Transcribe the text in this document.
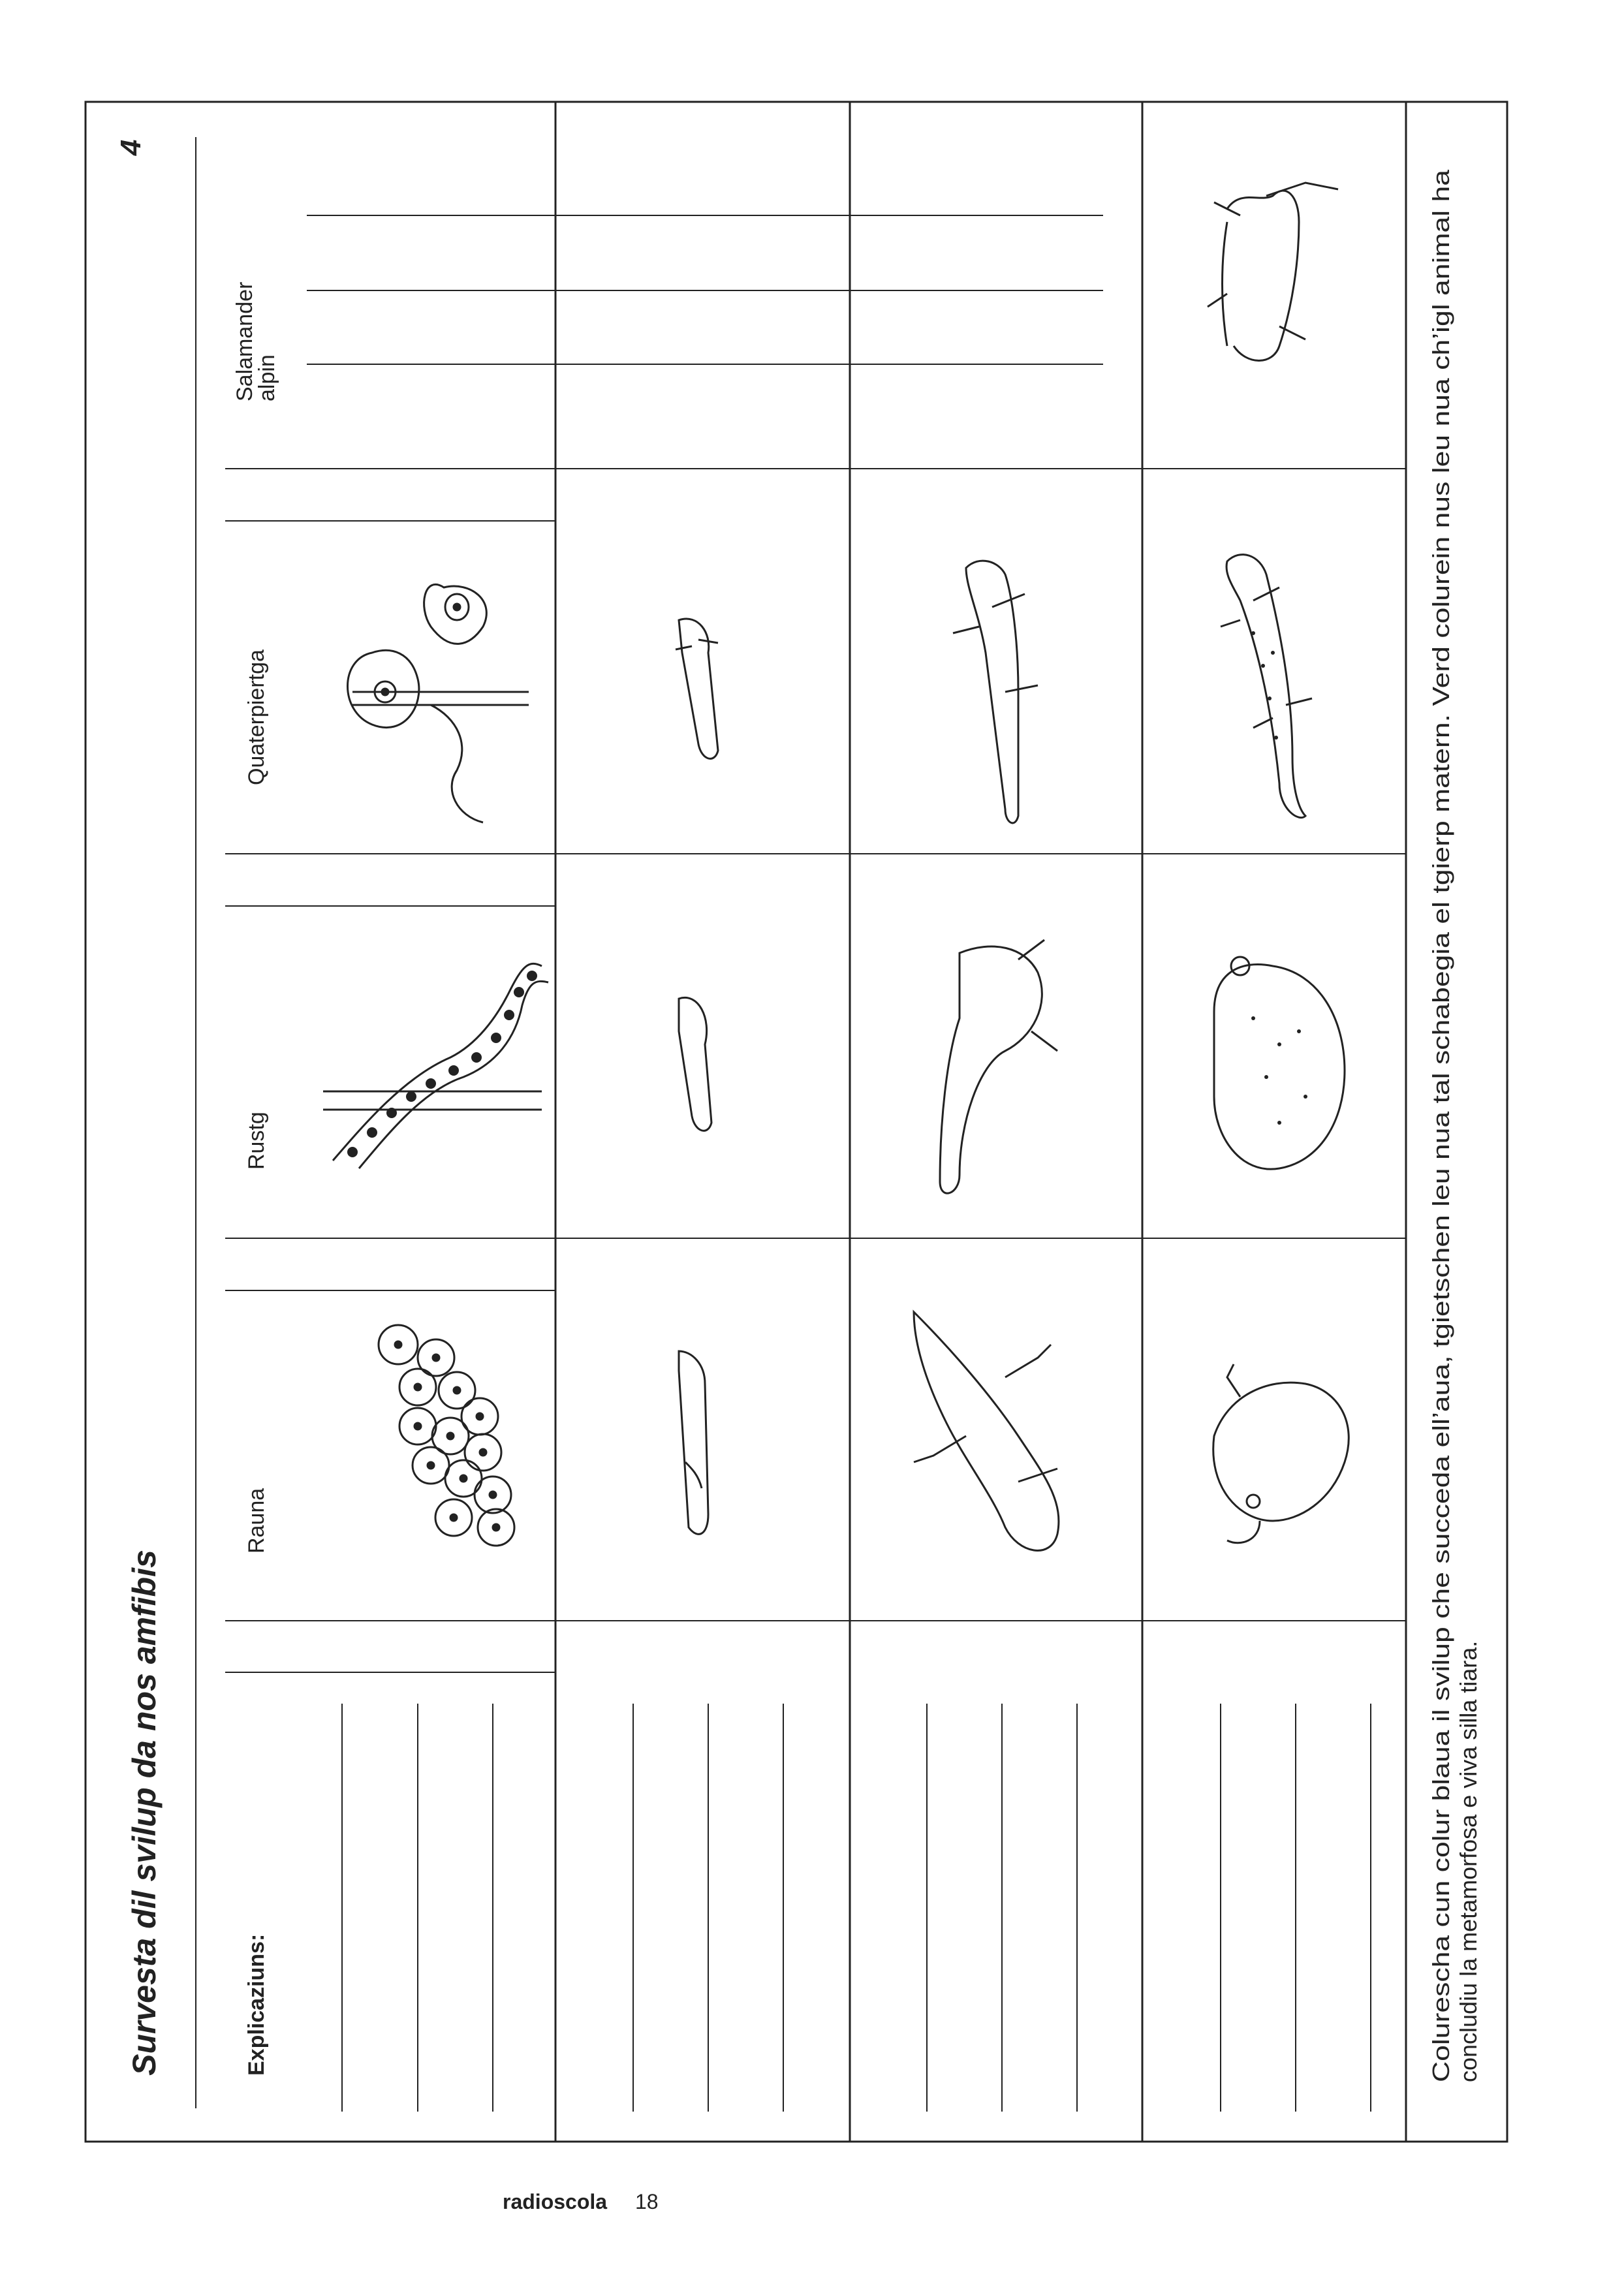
4
Survesta dil svilup da nos amfibis	Explicaziuns:
Rauna
Rustg
Quaterpiertga
Salamander
alpin
Colurescha cun colur blaua il svilup che succeda ell’aua, tgietschen leu nua tal schabegia el tgierp matern. Verd colurein nus leu nua ch’igl animal ha concludiu la metamorfosa e viva silla tiara.
radioscola 18
